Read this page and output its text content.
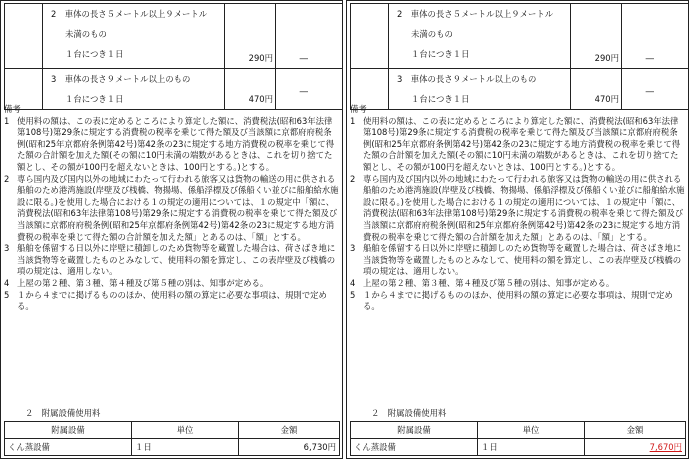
	2　車体の長さ５メートル以上９メートル
未満のもの
１台につき１日	290円	―

	3　車体の長さ９メートル以上のもの
１台につき１日	470円	―

備考

1 使用料の額は、この表に定めるところにより算定した額に、消費税法(昭和63年法律第108号)第29条に規定する消費税の税率を乗じて得た額及び当該額に京都府府税条例(昭和25年京都府条例第42号)第42条の23に規定する地方消費税の税率を乗じて得た額の合計額を加えた額(その額に10円未満の端数があるときは、これを切り捨てた額とし、その額が100円を超えないときは、100円とする。)とする。
2 専ら国内及び国内以外の地域にわたって行われる旅客又は貨物の輸送の用に供される船舶のため港湾施設(岸壁及び桟橋、物揚場、係船浮標及び係船くい並びに船舶給水施設に限る。)を使用した場合における１の規定の適用については、１の規定中「額に、消費税法(昭和63年法律第108号)第29条に規定する消費税の税率を乗じて得た額及び当該額に京都府府税条例(昭和25年京都府条例第42号)第42条の23に規定する地方消費税の税率を乗じて得た額の合計額を加えた額」とあるのは、「額」とする。
3 船舶を係留する日以外に岸壁に積卸しのため貨物等を蔵置した場合は、荷さばき地に当該貨物等を蔵置したものとみなして、使用料の額を算定し、この表岸壁及び桟橋の項の規定は、適用しない。
4 上屋の第２種、第３種、第４種及び第５種の別は、知事が定める。
5 １から４までに掲げるもののほか、使用料の額の算定に必要な事項は、規則で定める。
２　附属設備使用料
附属設備	単位	金額
くん蒸設備	１日	6,730円

	2　車体の長さ５メートル以上９メートル
未満のもの
１台につき１日	290円	―

	3　車体の長さ９メートル以上のもの
１台につき１日	470円	―

備考

1 使用料の額は、この表に定めるところにより算定した額に、消費税法(昭和63年法律第108号)第29条に規定する消費税の税率を乗じて得た額及び当該額に京都府府税条例(昭和25年京都府条例第42号)第42条の23に規定する地方消費税の税率を乗じて得た額の合計額を加えた額(その額に10円未満の端数があるときは、これを切り捨てた額とし、その額が100円を超えないときは、100円とする。)とする。
2 専ら国内及び国内以外の地域にわたって行われる旅客又は貨物の輸送の用に供される船舶のため港湾施設(岸壁及び桟橋、物揚場、係船浮標及び係船くい並びに船舶給水施設に限る。)を使用した場合における１の規定の適用については、１の規定中「額に、消費税法(昭和63年法律第108号)第29条に規定する消費税の税率を乗じて得た額及び当該額に京都府府税条例(昭和25年京都府条例第42号)第42条の23に規定する地方消費税の税率を乗じて得た額の合計額を加えた額」とあるのは、「額」とする。
3 船舶を係留する日以外に岸壁に積卸しのため貨物等を蔵置した場合は、荷さばき地に当該貨物等を蔵置したものとみなして、使用料の額を算定し、この表岸壁及び桟橋の項の規定は、適用しない。
4 上屋の第２種、第３種、第４種及び第５種の別は、知事が定める。
5 １から４までに掲げるもののほか、使用料の額の算定に必要な事項は、規則で定める。
２　附属設備使用料
附属設備	単位	金額
くん蒸設備	１日	7,670円
